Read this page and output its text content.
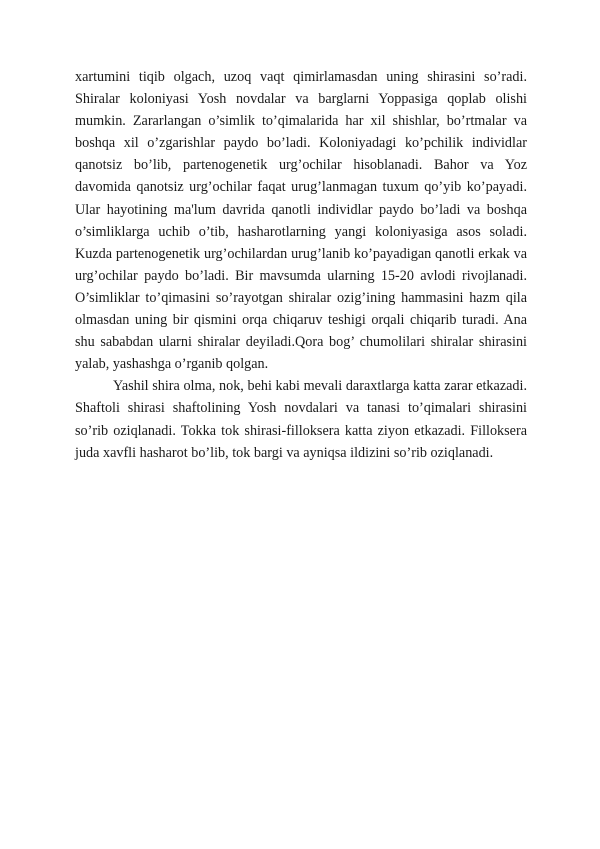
xartumini tiqib olgach, uzoq vaqt qimirlamasdan uning shirasini so’radi. Shiralar koloniyasi Yosh novdalar va barglarni Yoppasiga qoplab olishi mumkin. Zararlangan o’simlik to’qimalarida har xil shishlar, bo’rtmalar va boshqa xil o’zgarishlar paydo bo’ladi. Koloniyadagi ko’pchilik individlar qanotsiz bo’lib, partenogenetik urg’ochilar hisoblanadi. Bahor va Yoz davomida qanotsiz urg’ochilar faqat urug’lanmagan tuxum qo’yib ko’payadi. Ular hayotining ma'lum davrida qanotli individlar paydo bo’ladi va boshqa o’simliklarga uchib o’tib, hasharotlarning yangi koloniyasiga asos soladi. Kuzda partenogenetik urg’ochilardan urug’lanib ko’payadigan qanotli erkak va urg’ochilar paydo bo’ladi. Bir mavsumda ularning 15-20 avlodi rivojlanadi. O’simliklar to’qimasini so’rayotgan shiralar ozig’ining hammasini hazm qila olmasdan uning bir qismini orqa chiqaruv teshigi orqali chiqarib turadi. Ana shu sababdan ularni shiralar deyiladi.Qora bog’ chumolilari shiralar shirasini yalab, yashashga o’rganib qolgan.

Yashil shira olma, nok, behi kabi mevali daraxtlarga katta zarar etkazadi. Shaftoli shirasi shaftolining Yosh novdalari va tanasi to’qimalari shirasini so’rib oziqlanadi. Tokka tok shirasi-filloksera katta ziyon etkazadi. Filloksera juda xavfli hasharot bo’lib, tok bargi va ayniqsa ildizini so’rib oziqlanadi.
